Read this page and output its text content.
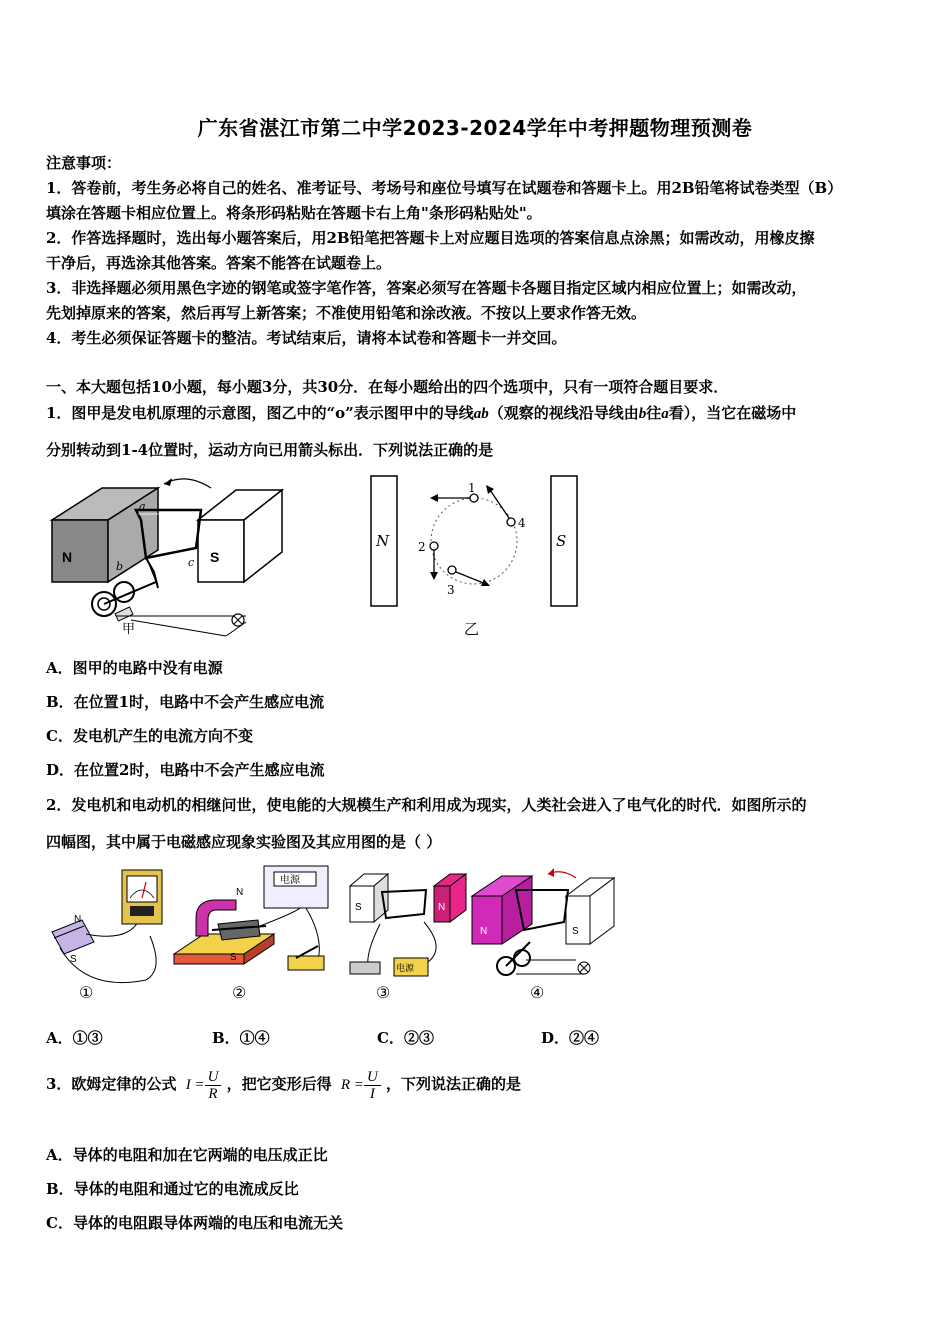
广东省湛江市第二中学2023-2024学年中考押题物理预测卷
注意事项：
1．答卷前，考生务必将自己的姓名、准考证号、考场号和座位号填写在试题卷和答题卡上。用2B铅笔将试卷类型（B）
填涂在答题卡相应位置上。将条形码粘贴在答题卡右上角"条形码粘贴处"。
2．作答选择题时，选出每小题答案后，用2B铅笔把答题卡上对应题目选项的答案信息点涂黑；如需改动，用橡皮擦
干净后，再选涂其他答案。答案不能答在试题卷上。
3．非选择题必须用黑色字迹的钢笔或签字笔作答，答案必须写在答题卡各题目指定区域内相应位置上；如需改动，
先划掉原来的答案，然后再写上新答案；不准使用铅笔和涂改液。不按以上要求作答无效。
4．考生必须保证答题卡的整洁。考试结束后，请将本试卷和答题卡一并交回。
一、本大题包括10小题，每小题3分，共30分．在每小题给出的四个选项中，只有一项符合题目要求．
1．图甲是发电机原理的示意图，图乙中的“o”表示图甲中的导线ab（观察的视线沿导线由b往a看），当它在磁场中
分别转动到1-4位置时，运动方向已用箭头标出．下列说法正确的是
N	S
a
b	c
甲
N	S
1
4
2
3
乙
A．图甲的电路中没有电源
B．在位置1时，电路中不会产生感应电流
C．发电机产生的电流方向不变
D．在位置2时，电路中不会产生感应电流
2．发电机和电动机的相继问世，使电能的大规模生产和利用成为现实，人类社会进入了电气化的时代．如图所示的
四幅图，其中属于电磁感应现象实验图及其应用图的是（ ）
N
S
①
N
S
电源
②
S	N
电源
③
N	S
④
A．①③	B．①④	C．②③	D．②④
3．欧姆定律的公式 $I = \frac{U}{R}$ ，把它变形后得 $R = \frac{U}{I}$ ，下列说法正确的是
A．导体的电阻和加在它两端的电压成正比
B．导体的电阻和通过它的电流成反比
C．导体的电阻跟导体两端的电压和电流无关
